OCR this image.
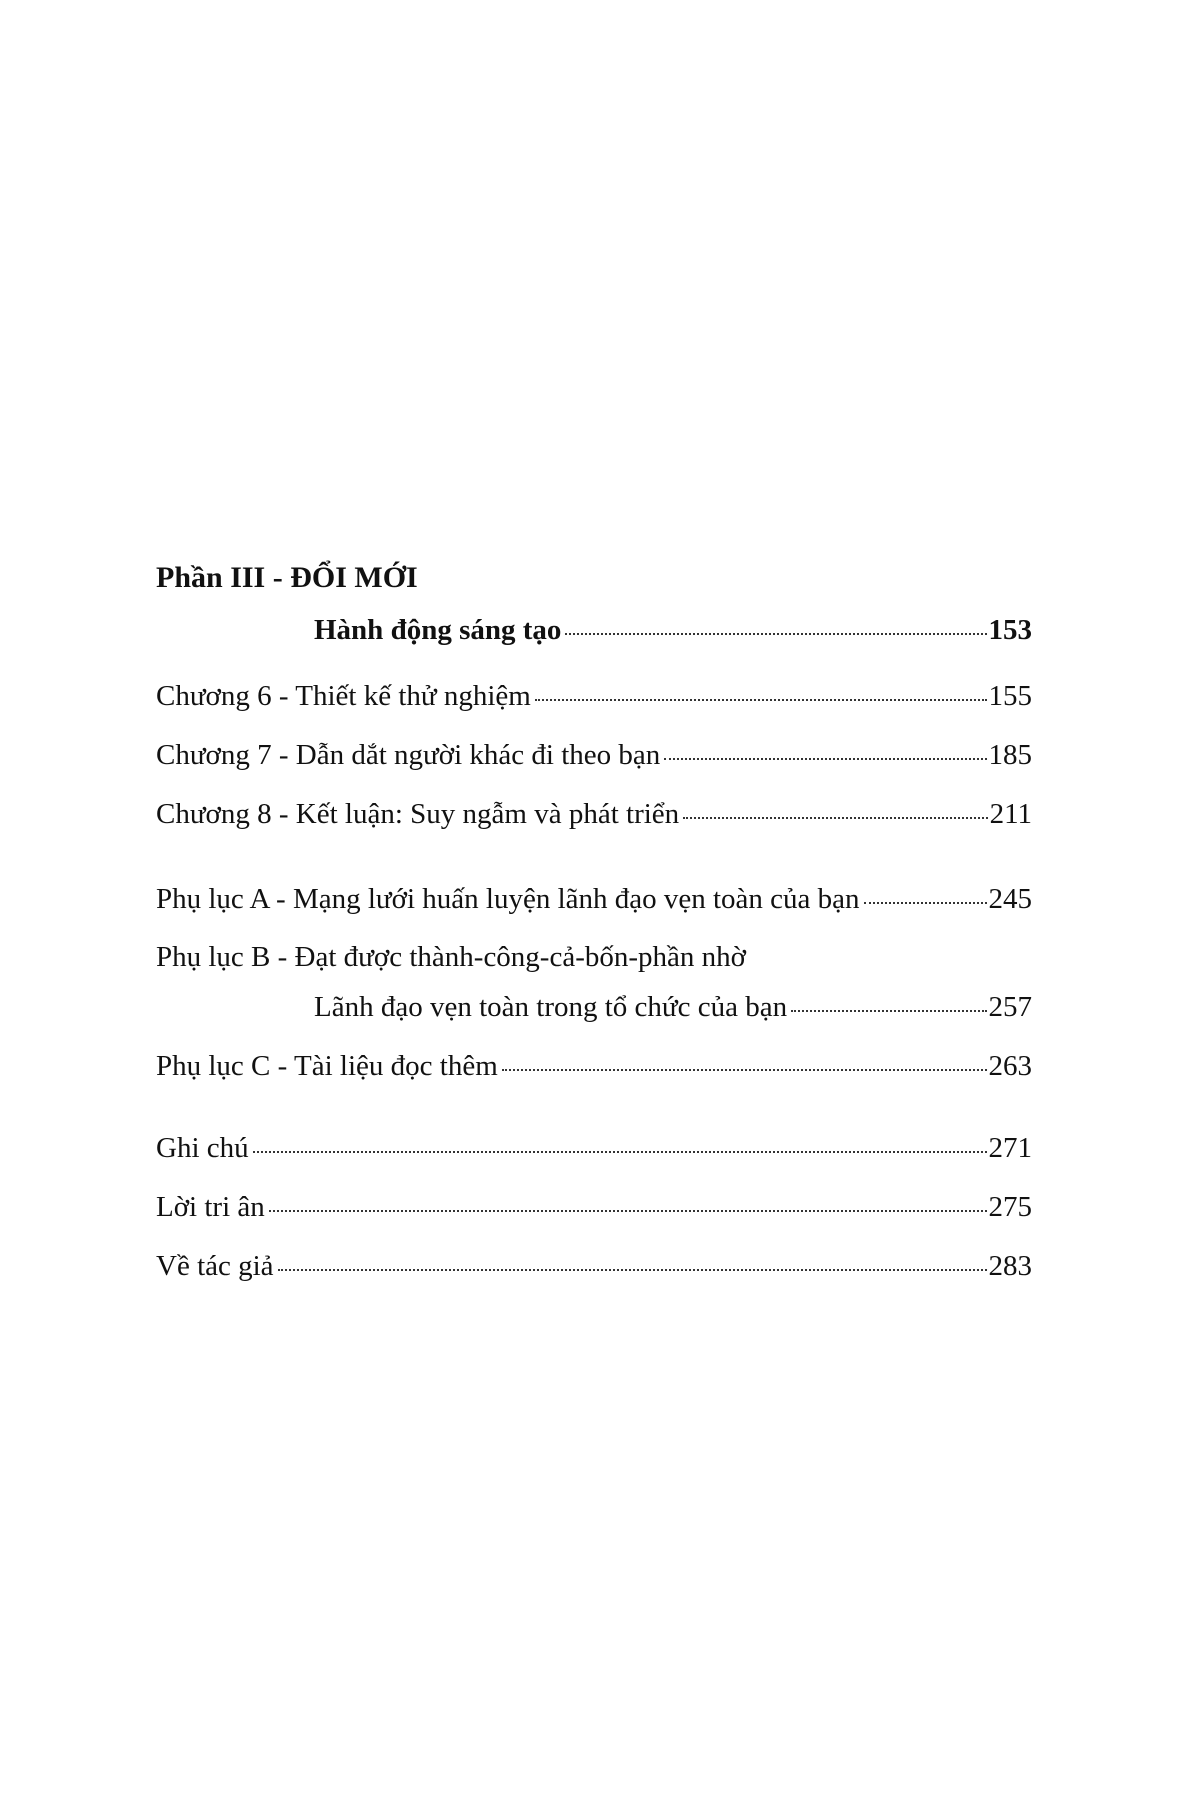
Phần III - ĐỔI MỚI
Hành động sáng tạo	153
Chương 6 - Thiết kế thử nghiệm	155
Chương 7 - Dẫn dắt người khác đi theo bạn	185
Chương 8 - Kết luận: Suy ngẫm và phát triển	211
Phụ lục A - Mạng lưới huấn luyện lãnh đạo vẹn toàn của bạn	245
Phụ lục B - Đạt được thành-công-cả-bốn-phần nhờ
Lãnh đạo vẹn toàn trong tổ chức của bạn	257
Phụ lục C - Tài liệu đọc thêm	263
Ghi chú	271
Lời tri ân	275
Về tác giả	283
